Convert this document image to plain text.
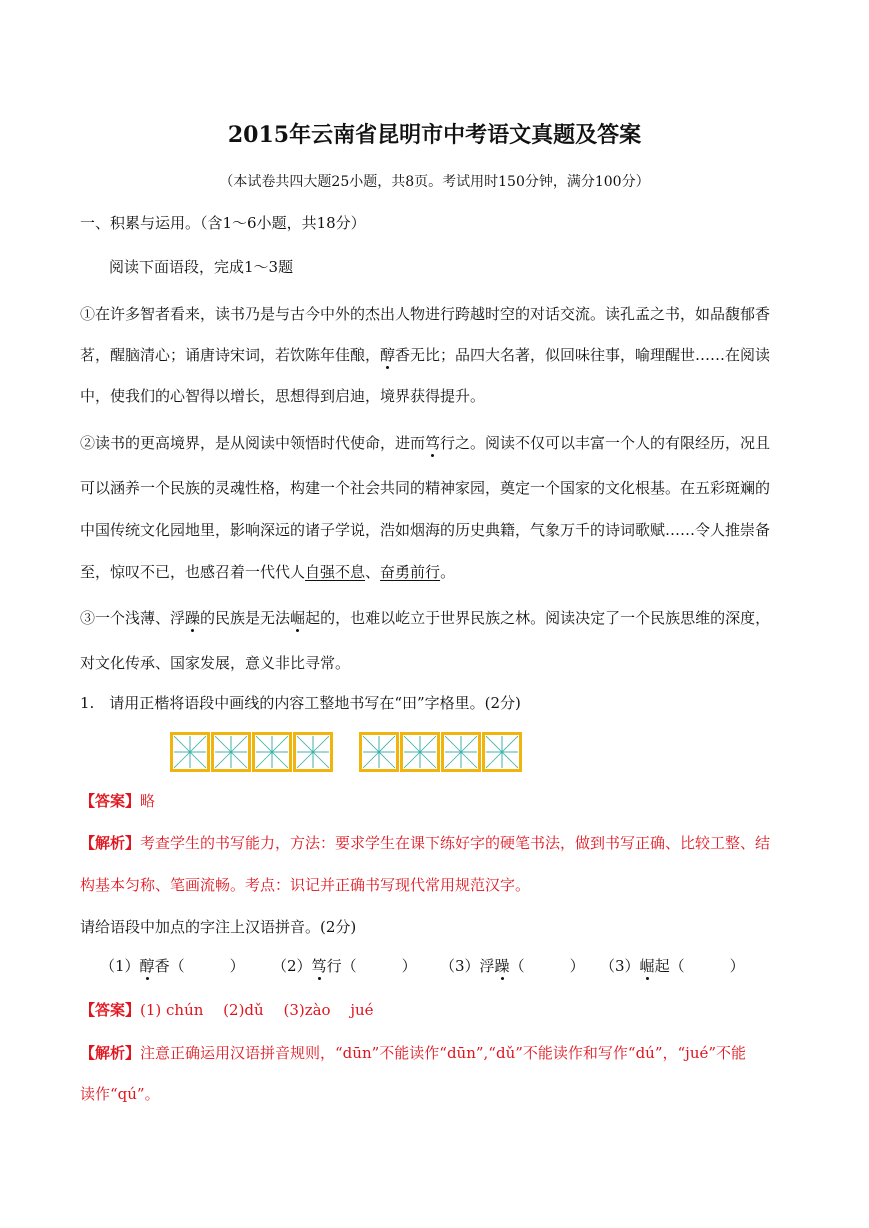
2015年云南省昆明市中考语文真题及答案
（本试卷共四大题25小题，共8页。考试用时150分钟，满分100分）
一、积累与运用。（含1～6小题，共18分）
阅读下面语段，完成1～3题
①在许多智者看来，读书乃是与古今中外的杰出人物进行跨越时空的对话交流。读孔孟之书，如品馥郁香
茗，醒脑清心；诵唐诗宋词，若饮陈年佳酿，醇香无比；品四大名著，似回味往事，喻理醒世……在阅读
中，使我们的心智得以增长，思想得到启迪，境界获得提升。
②读书的更高境界，是从阅读中领悟时代使命，进而笃行之。阅读不仅可以丰富一个人的有限经历，况且
可以涵养一个民族的灵魂性格，构建一个社会共同的精神家园，奠定一个国家的文化根基。在五彩斑斓的
中国传统文化园地里，影响深远的诸子学说，浩如烟海的历史典籍，气象万千的诗词歌赋……令人推崇备
至，惊叹不已，也感召着一代代人自强不息、奋勇前行。
③一个浅薄、浮躁的民族是无法崛起的，也难以屹立于世界民族之林。阅读决定了一个民族思维的深度，
对文化传承、国家发展，意义非比寻常。
1.　请用正楷将语段中画线的内容工整地书写在“田”字格里。(2分)
【答案】略
【解析】考查学生的书写能力，方法：要求学生在课下练好字的硬笔书法，做到书写正确、比较工整、结
构基本匀称、笔画流畅。考点：识记并正确书写现代常用规范汉字。
请给语段中加点的字注上汉语拼音。(2分)
（1）醇香（　　　） （2）笃行（　　　） （3）浮躁（　　　） （3）崛起（　　　）
【答案】(1) chún　 (2)dǔ　 (3)zào　 jué
【解析】注意正确运用汉语拼音规则，“dūn”不能读作“dūn”,“dǔ”不能读作和写作“dú”，“jué”不能
读作“qú”。
